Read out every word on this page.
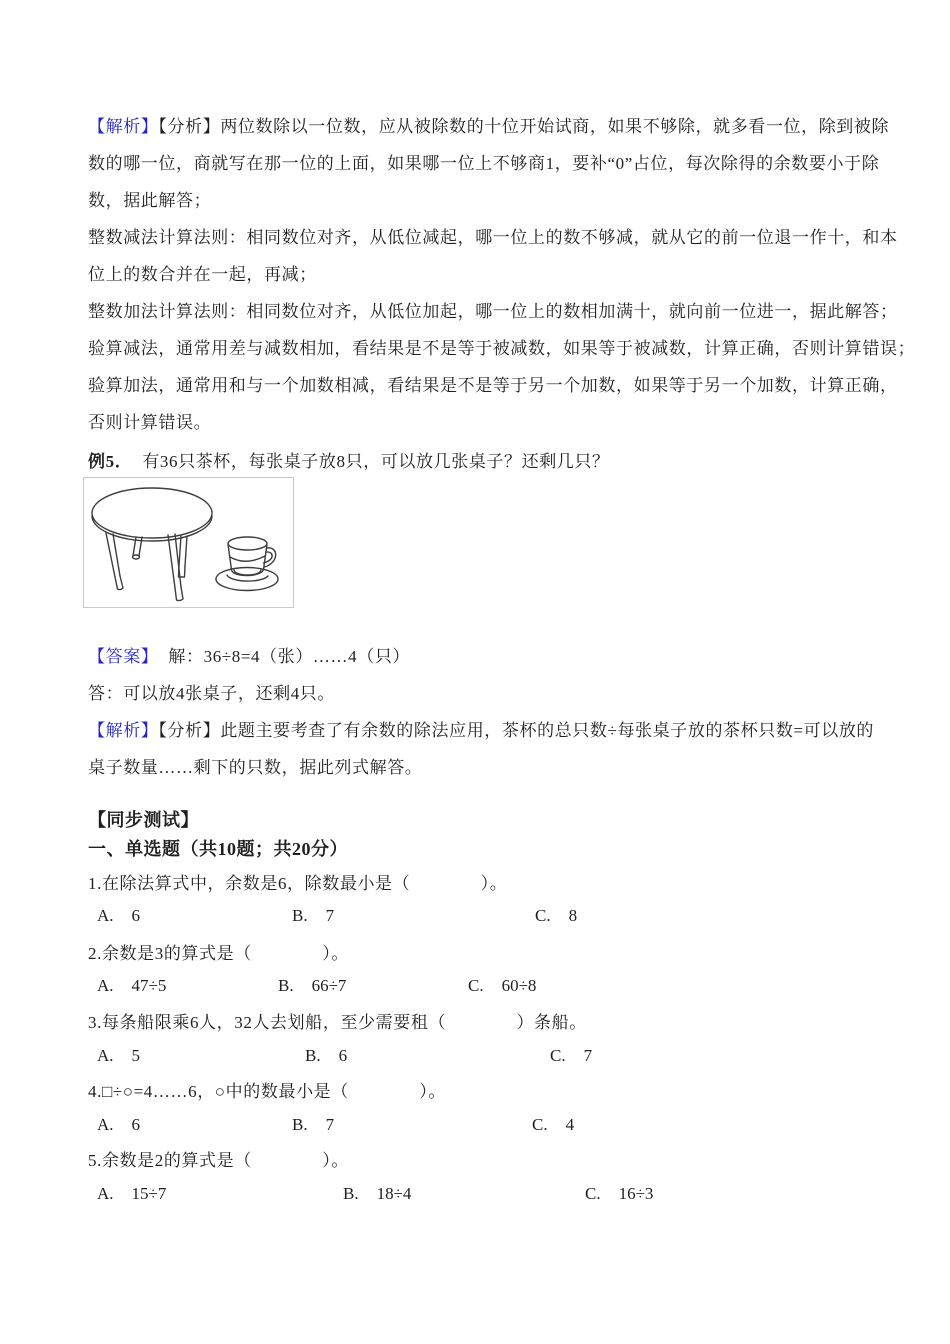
【解析】【分析】两位数除以一位数，应从被除数的十位开始试商，如果不够除，就多看一位，除到被除
数的哪一位，商就写在那一位的上面，如果哪一位上不够商1，要补“0”占位，每次除得的余数要小于除
数，据此解答；
整数减法计算法则：相同数位对齐，从低位减起，哪一位上的数不够减，就从它的前一位退一作十，和本
位上的数合并在一起，再减；
整数加法计算法则：相同数位对齐，从低位加起，哪一位上的数相加满十，就向前一位进一，据此解答；
验算减法，通常用差与减数相加，看结果是不是等于被减数，如果等于被减数，计算正确，否则计算错误；
验算加法，通常用和与一个加数相减，看结果是不是等于另一个加数，如果等于另一个加数，计算正确，
否则计算错误。
例5． 有36只茶杯，每张桌子放8只，可以放几张桌子？还剩几只？
【答案】 解：36÷8=4（张）……4（只）
答：可以放4张桌子，还剩4只。
【解析】【分析】此题主要考查了有余数的除法应用，茶杯的总只数÷每张桌子放的茶杯只数=可以放的
桌子数量……剩下的只数，据此列式解答。
【同步测试】
一、单选题（共10题；共20分）
1.在除法算式中，余数是6，除数最小是（　　　　）。
A. 6	B. 7	C. 8
2.余数是3的算式是（　　　　）。
A. 47÷5	B. 66÷7	C. 60÷8
3.每条船限乘6人，32人去划船，至少需要租（　　　　）条船。
A. 5	B. 6	C. 7
4.□÷○=4……6，○中的数最小是（　　　　）。
A. 6	B. 7	C. 4
5.余数是2的算式是（　　　　）。
A. 15÷7	B. 18÷4	C. 16÷3
